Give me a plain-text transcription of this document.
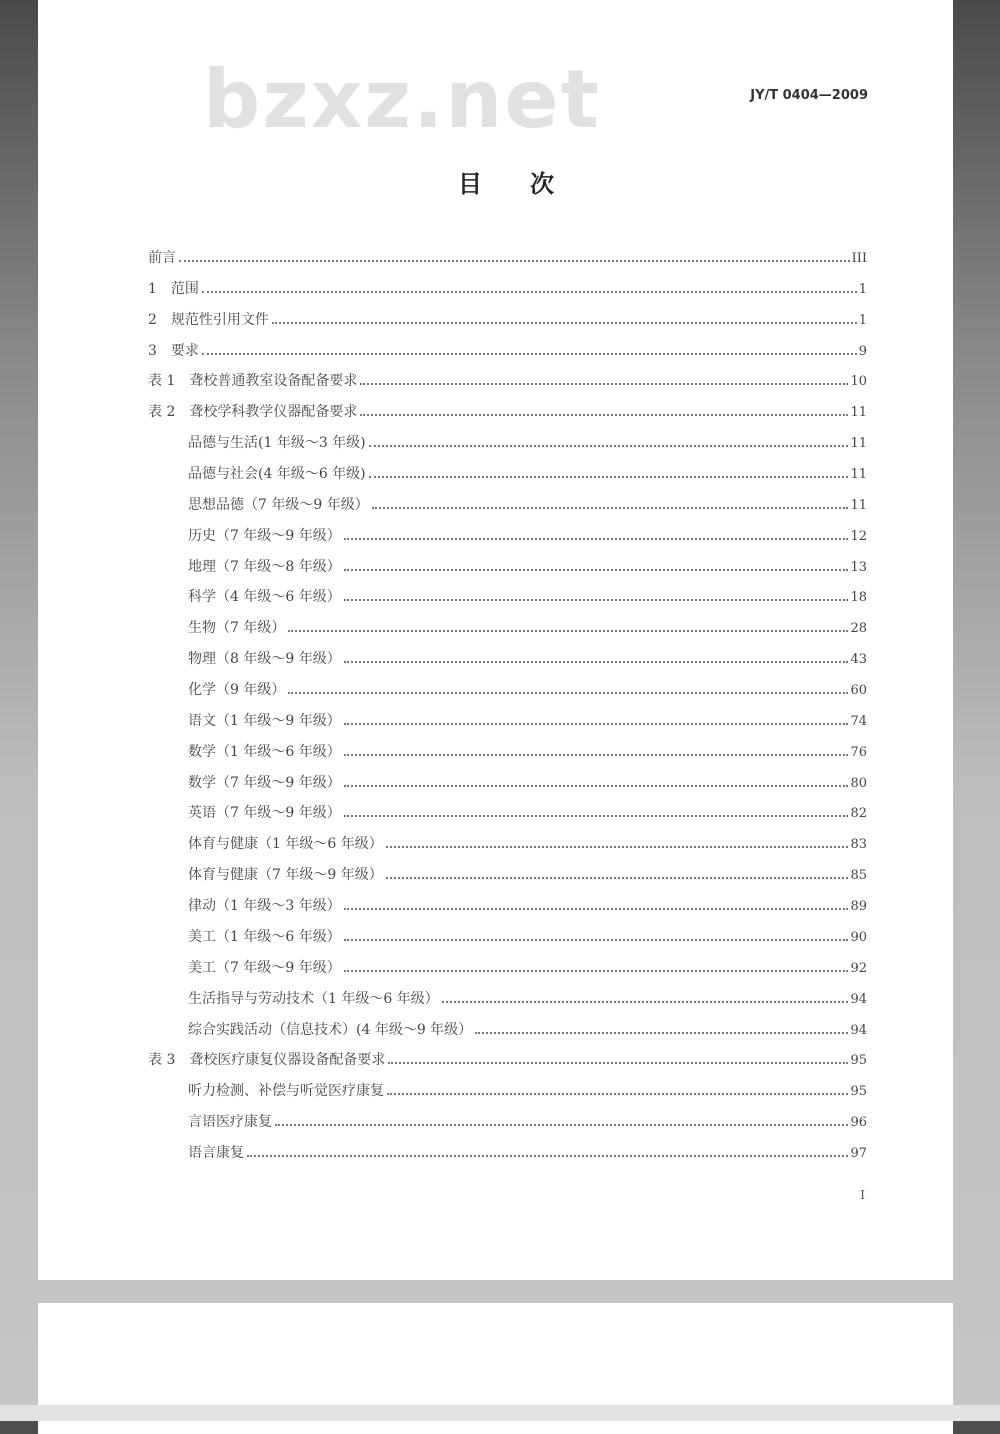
bzxz.net	JY/T 0404—2009
目次
前言	III
1　范围	1
2　规范性引用文件	1
3　要求	9
表 1　聋校普通教室设备配备要求	10
表 2　聋校学科教学仪器配备要求	11
品德与生活(1 年级～3 年级)	11
品德与社会(4 年级～6 年级)	11
思想品德（7 年级～9 年级）	11
历史（7 年级～9 年级）	12
地理（7 年级～8 年级）	13
科学（4 年级～6 年级）	18
生物（7 年级）	28
物理（8 年级～9 年级）	43
化学（9 年级）	60
语文（1 年级～9 年级）	74
数学（1 年级～6 年级）	76
数学（7 年级～9 年级）	80
英语（7 年级～9 年级）	82
体育与健康（1 年级～6 年级）	83
体育与健康（7 年级～9 年级）	85
律动（1 年级～3 年级）	89
美工（1 年级～6 年级）	90
美工（7 年级～9 年级）	92
生活指导与劳动技术（1 年级～6 年级）	94
综合实践活动（信息技术）(4 年级～9 年级）	94
表 3　聋校医疗康复仪器设备配备要求	95
听力检测、补偿与听觉医疗康复	95
言语医疗康复	96
语言康复	97
I
